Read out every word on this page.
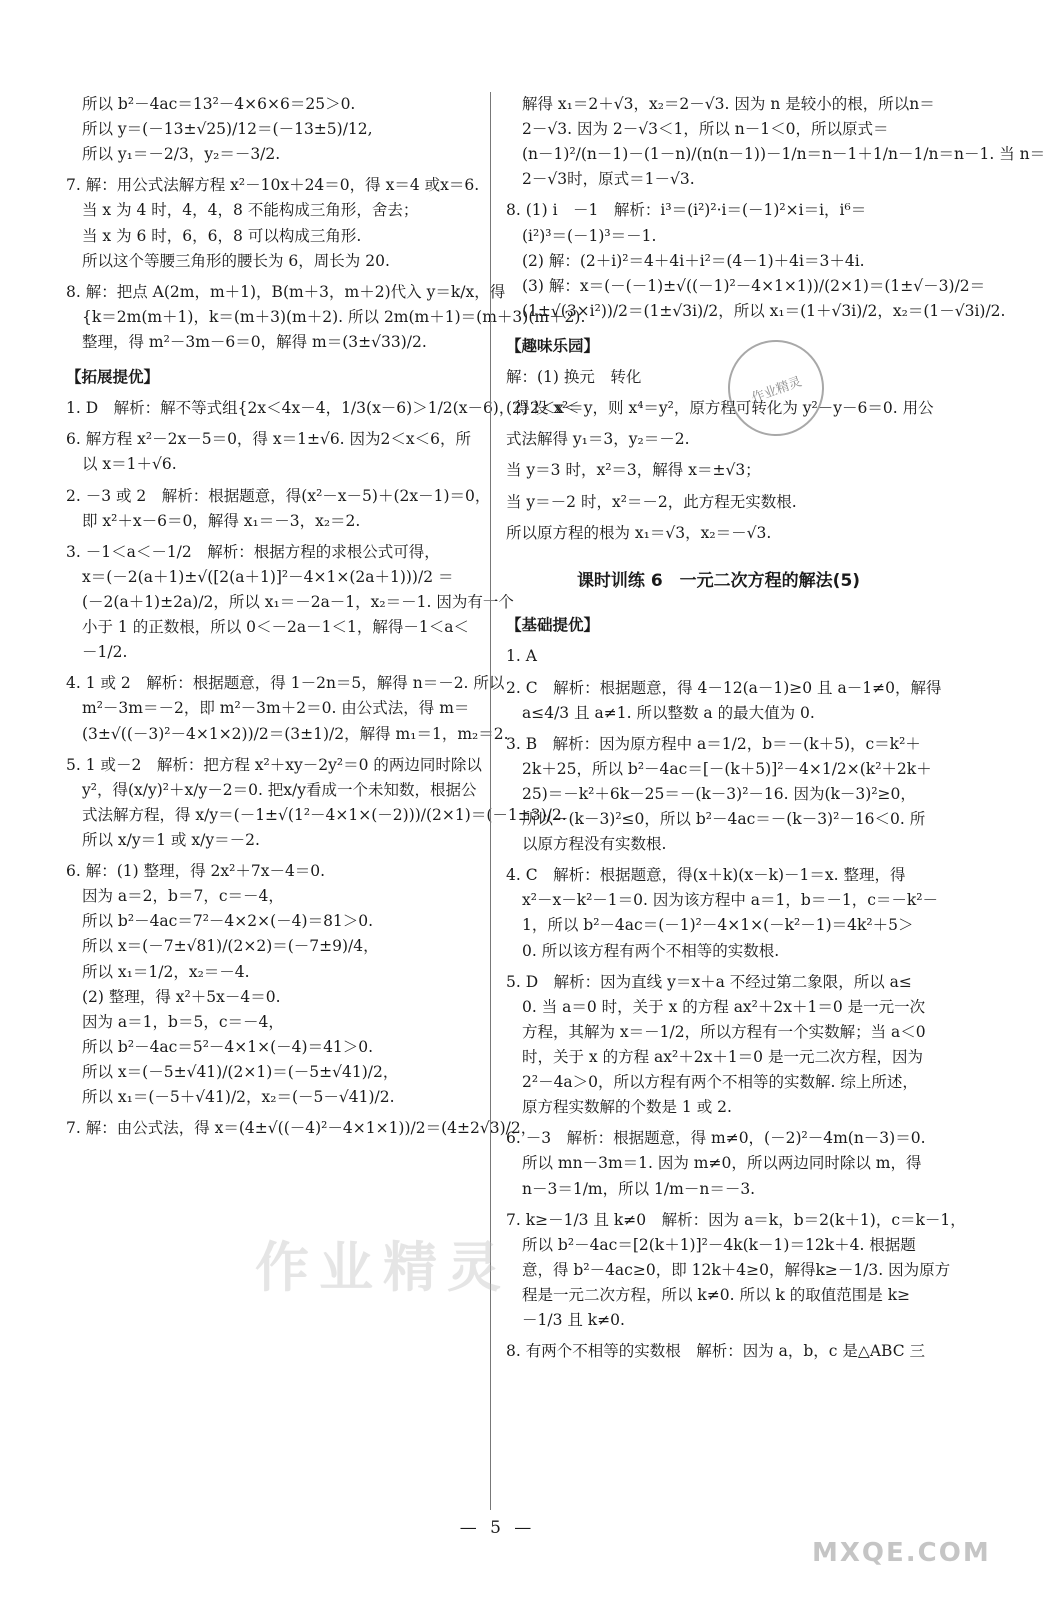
所以 b²－4ac＝13²－4×6×6＝25＞0.
所以 y＝(－13±√25)/12＝(－13±5)/12,
所以 y₁＝－2/3，y₂＝－3/2.
7. 解：用公式法解方程 x²－10x＋24＝0，得 x＝4 或x＝6.
当 x 为 4 时，4，4，8 不能构成三角形，舍去；
当 x 为 6 时，6，6，8 可以构成三角形.
所以这个等腰三角形的腰长为 6，周长为 20.
8. 解：把点 A(2m，m＋1)，B(m＋3，m＋2)代入 y＝k/x，得
{k＝2m(m＋1)，k＝(m＋3)(m＋2). 所以 2m(m＋1)＝(m＋3)(m＋2).
整理，得 m²－3m－6＝0，解得 m＝(3±√33)/2.
【拓展提优】
1. D　解析：解不等式组{2x＜4x－4，1/3(x－6)＞1/2(x－6)，得2＜x＜
6. 解方程 x²－2x－5＝0，得 x＝1±√6. 因为2＜x＜6，所
以 x＝1＋√6.
2. －3 或 2　解析：根据题意，得(x²－x－5)＋(2x－1)＝0，
即 x²＋x－6＝0，解得 x₁＝－3，x₂＝2.
3. －1＜a＜－1/2　解析：根据方程的求根公式可得，
x＝(－2(a＋1)±√([2(a＋1)]²－4×1×(2a＋1)))/2 ＝
(－2(a＋1)±2a)/2，所以 x₁＝－2a－1，x₂＝－1. 因为有一个
小于 1 的正数根，所以 0＜－2a－1＜1，解得－1＜a＜
－1/2.
4. 1 或 2　解析：根据题意，得 1－2n＝5，解得 n＝－2. 所以
m²－3m＝－2，即 m²－3m＋2＝0. 由公式法，得 m＝
(3±√((－3)²－4×1×2))/2＝(3±1)/2，解得 m₁＝1，m₂＝2.
5. 1 或－2　解析：把方程 x²＋xy－2y²＝0 的两边同时除以
y²，得(x/y)²＋x/y－2＝0. 把x/y看成一个未知数，根据公
式法解方程，得 x/y＝(－1±√(1²－4×1×(－2)))/(2×1)＝(－1±3)/2.
所以 x/y＝1 或 x/y＝－2.
6. 解：(1) 整理，得 2x²＋7x－4＝0.
因为 a＝2，b＝7，c＝－4，
所以 b²－4ac＝7²－4×2×(－4)＝81＞0.
所以 x＝(－7±√81)/(2×2)＝(－7±9)/4，
所以 x₁＝1/2，x₂＝－4.
(2) 整理，得 x²＋5x－4＝0.
因为 a＝1，b＝5，c＝－4，
所以 b²－4ac＝5²－4×1×(－4)＝41＞0.
所以 x＝(－5±√41)/(2×1)＝(－5±√41)/2，
所以 x₁＝(－5＋√41)/2，x₂＝(－5－√41)/2.
7. 解：由公式法，得 x＝(4±√((－4)²－4×1×1))/2＝(4±2√3)/2，
解得 x₁＝2＋√3，x₂＝2－√3. 因为 n 是较小的根，所以n＝
2－√3. 因为 2－√3＜1，所以 n－1＜0，所以原式＝
(n－1)²/(n－1)－(1－n)/(n(n－1))－1/n＝n－1＋1/n－1/n＝n－1. 当 n＝
2－√3时，原式＝1－√3.
8. (1) i　－1　解析：i³＝(i²)²·i＝(－1)²×i＝i，i⁶＝
(i²)³＝(－1)³＝－1.
(2) 解：(2＋i)²＝4＋4i＋i²＝(4－1)＋4i＝3＋4i.
(3) 解：x＝(－(－1)±√((－1)²－4×1×1))/(2×1)＝(1±√－3)/2＝
(1±√(3×i²))/2＝(1±√3i)/2，所以 x₁＝(1＋√3i)/2，x₂＝(1－√3i)/2.
【趣味乐园】
解：(1) 换元　转化
(2) 设 x²＝y，则 x⁴＝y²，原方程可转化为 y²－y－6＝0. 用公
式法解得 y₁＝3，y₂＝－2.
当 y＝3 时，x²＝3，解得 x＝±√3；
当 y＝－2 时，x²＝－2，此方程无实数根.
所以原方程的根为 x₁＝√3，x₂＝－√3.
课时训练 6　一元二次方程的解法(5)
【基础提优】
1. A
2. C　解析：根据题意，得 4－12(a－1)≥0 且 a－1≠0，解得
a≤4/3 且 a≠1. 所以整数 a 的最大值为 0.
3. B　解析：因为原方程中 a＝1/2，b＝－(k＋5)，c＝k²＋
2k＋25，所以 b²－4ac＝[－(k＋5)]²－4×1/2×(k²＋2k＋
25)＝－k²＋6k－25＝－(k－3)²－16. 因为(k－3)²≥0，
所以－(k－3)²≤0，所以 b²－4ac＝－(k－3)²－16＜0. 所
以原方程没有实数根.
4. C　解析：根据题意，得(x＋k)(x－k)－1＝x. 整理，得
x²－x－k²－1＝0. 因为该方程中 a＝1，b＝－1，c＝－k²－
1，所以 b²－4ac＝(－1)²－4×1×(－k²－1)＝4k²＋5＞
0. 所以该方程有两个不相等的实数根.
5. D　解析：因为直线 y＝x＋a 不经过第二象限，所以 a≤
0. 当 a＝0 时，关于 x 的方程 ax²＋2x＋1＝0 是一元一次
方程，其解为 x＝－1/2，所以方程有一个实数解；当 a＜0
时，关于 x 的方程 ax²＋2x＋1＝0 是一元二次方程，因为
2²－4a＞0，所以方程有两个不相等的实数解. 综上所述，
原方程实数解的个数是 1 或 2.
6. －3　解析：根据题意，得 m≠0，(－2)²－4m(n－3)＝0.
所以 mn－3m＝1. 因为 m≠0，所以两边同时除以 m，得
n－3＝1/m，所以 1/m－n＝－3.
7. k≥－1/3 且 k≠0　解析：因为 a＝k，b＝2(k＋1)，c＝k－1，
所以 b²－4ac＝[2(k＋1)]²－4k(k－1)＝12k＋4. 根据题
意，得 b²－4ac≥0，即 12k＋4≥0，解得k≥－1/3. 因为原方
程是一元二次方程，所以 k≠0. 所以 k 的取值范围是 k≥
－1/3 且 k≠0.
8. 有两个不相等的实数根　解析：因为 a，b，c 是△ABC 三
作业精灵
作业精灵
— 5 —
MXQE.COM
